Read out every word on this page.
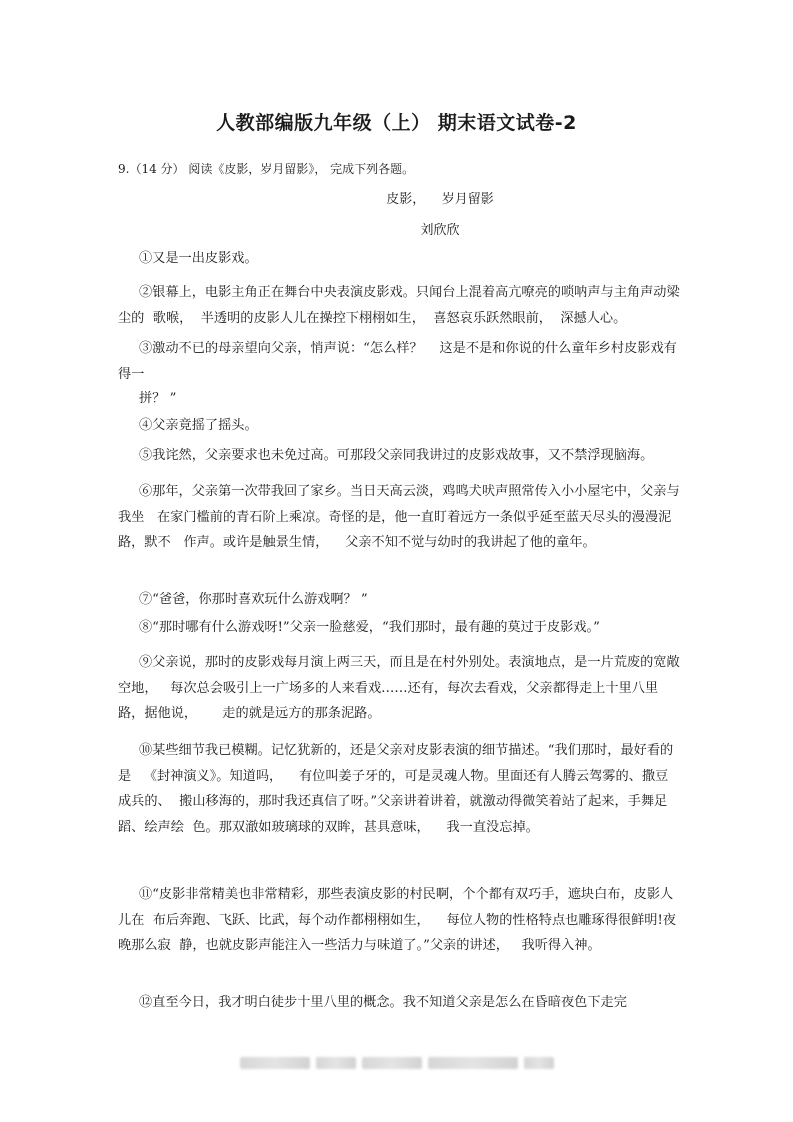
人教部编版九年级（上） 期末语文试卷-2
9.（14 分） 阅读《皮影，岁月留影》， 完成下列各题。
皮影，    岁月留影
刘欣欣
①又是一出皮影戏。
②银幕上，电影主角正在舞台中央表演皮影戏。只闻台上混着高亢嘹亮的唢呐声与主角声动梁尘的  歌喉，  半透明的皮影人儿在操控下栩栩如生，  喜怒哀乐跃然眼前，  深撼人心。
③激动不已的母亲望向父亲，悄声说：“怎么样？    这是不是和你说的什么童年乡村皮影戏有得一
拼？ ”
④父亲竟摇了摇头。
⑤我诧然，父亲要求也未免过高。可那段父亲同我讲过的皮影戏故事，又不禁浮现脑海。
⑥那年，父亲第一次带我回了家乡。当日天高云淡，鸡鸣犬吠声照常传入小小屋宅中，父亲与我坐   在家门槛前的青石阶上乘凉。奇怪的是，他一直盯着远方一条似乎延至蓝天尽头的漫漫泥路，默不   作声。或许是触景生情，    父亲不知不觉与幼时的我讲起了他的童年。
⑦“爸爸，你那时喜欢玩什么游戏啊？ ”
⑧“那时哪有什么游戏呀!”父亲一脸慈爱，“我们那时，最有趣的莫过于皮影戏。”
⑨父亲说，那时的皮影戏每月演上两三天，而且是在村外别处。表演地点，是一片荒废的宽敞空地，   每次总会吸引上一广场多的人来看戏……还有，每次去看戏，父亲都得走上十里八里路，据他说，      走的就是远方的那条泥路。
⑩某些细节我已模糊。记忆犹新的，还是父亲对皮影表演的细节描述。“我们那时，最好看的是   《封神演义》。知道吗，    有位叫姜子牙的，可是灵魂人物。里面还有人腾云驾雾的、撒豆成兵的、  搬山移海的，那时我还真信了呀。”父亲讲着讲着，就激动得微笑着站了起来，手舞足蹈、绘声绘  色。那双澈如玻璃球的双眸，甚具意味，    我一直没忘掉。
⑪“皮影非常精美也非常精彩，那些表演皮影的村民啊，个个都有双巧手，遮块白布，皮影人儿在  布后奔跑、飞跃、比武，每个动作都栩栩如生，    每位人物的性格特点也雕琢得很鲜明!夜晚那么寂  静，也就皮影声能注入一些活力与味道了。”父亲的讲述，   我听得入神。
⑫直至今日，我才明白徒步十里八里的概念。我不知道父亲是怎么在昏暗夜色下走完
